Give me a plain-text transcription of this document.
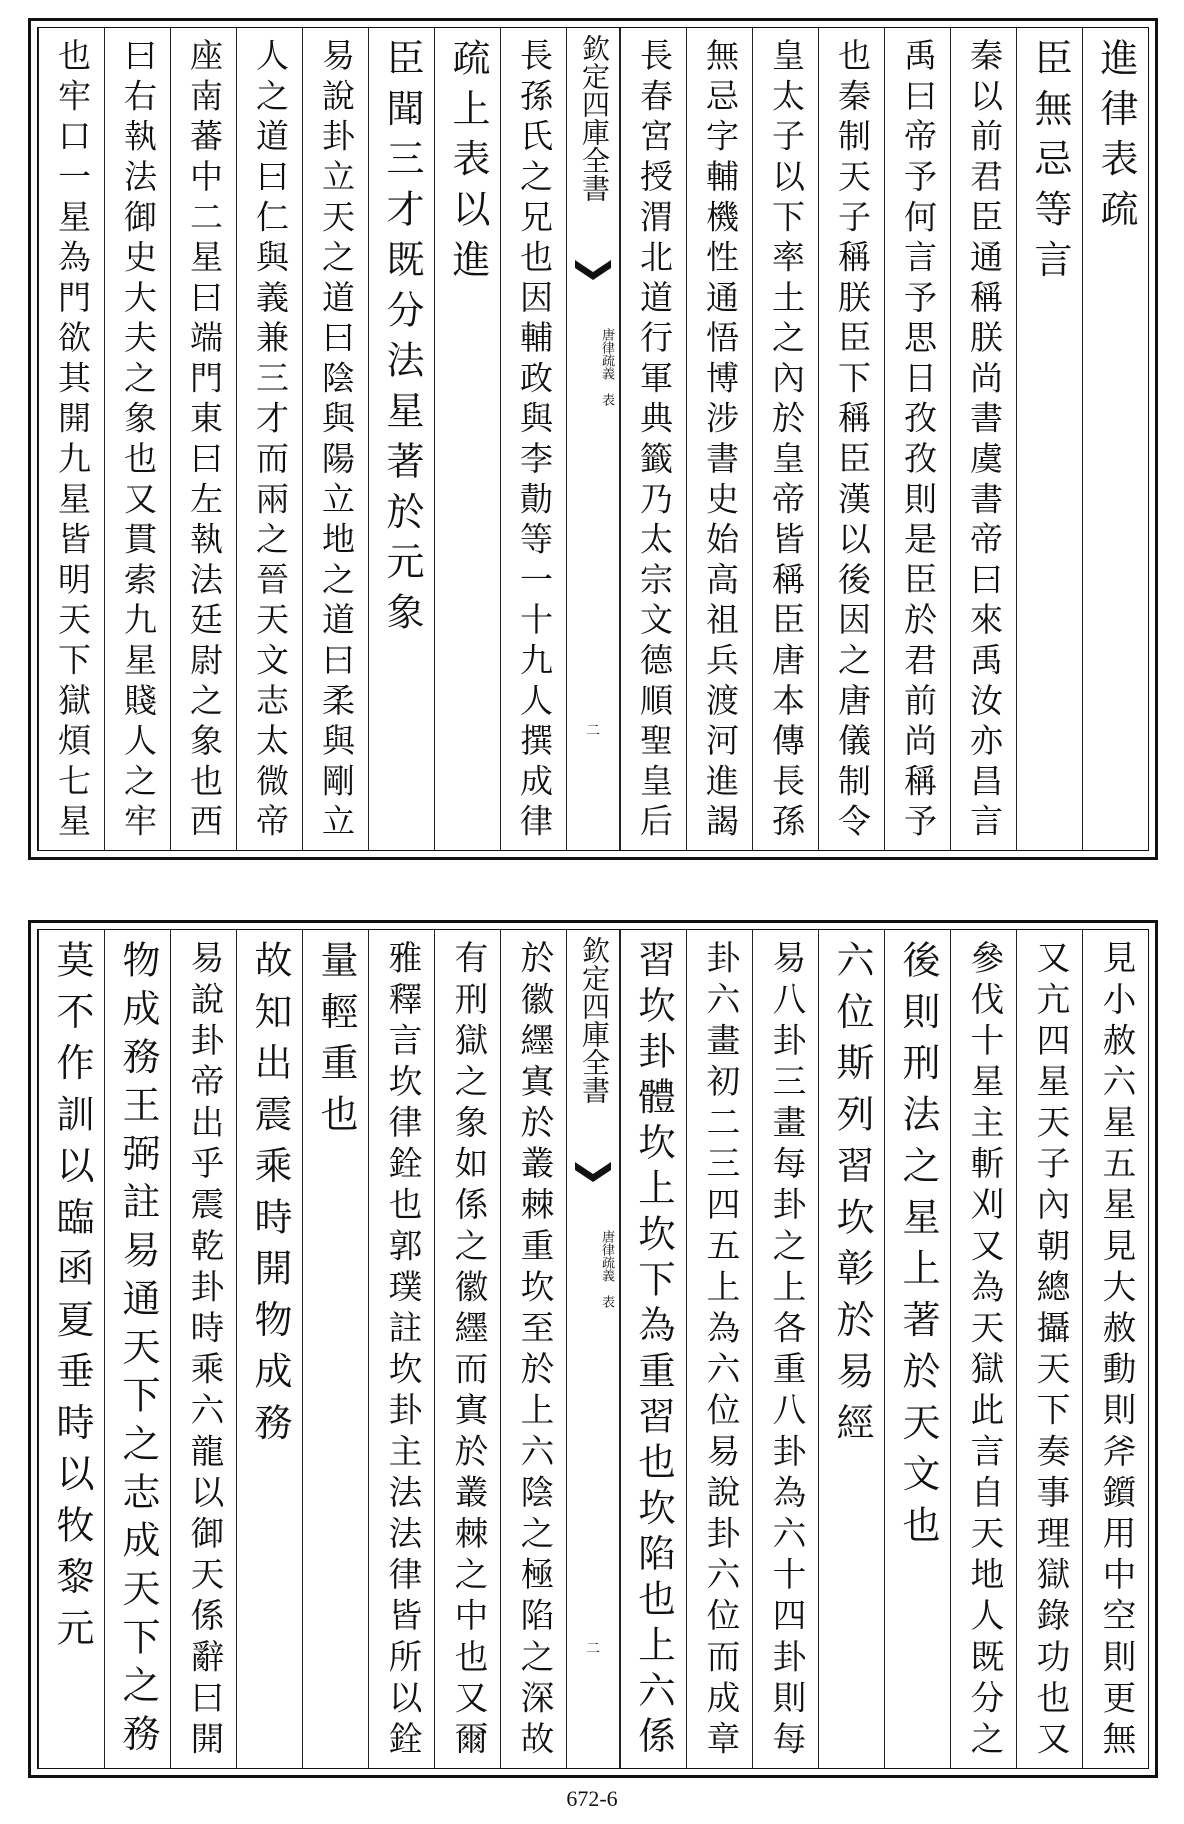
進律表疏
臣無忌等言
秦以前君臣通稱朕尚書虞書帝曰來禹汝亦昌言
禹曰帝予何言予思日孜孜則是臣於君前尚稱予
也秦制天子稱朕臣下稱臣漢以後因之唐儀制令
皇太子以下率土之內於皇帝皆稱臣唐本傳長孫
無忌字輔機性通悟博涉書史始高祖兵渡河進謁
長春宮授渭北道行軍典籤乃太宗文德順聖皇后
欽定四庫全書
唐律疏義　表
二
長孫氏之兄也因輔政與李勣等一十九人撰成律
疏上表以進
臣聞三才既分法星著於元象
易說卦立天之道曰陰與陽立地之道曰柔與剛立
人之道曰仁與義兼三才而兩之晉天文志太微帝
座南蕃中二星曰端門東曰左執法廷尉之象也西
曰右執法御史大夫之象也又貫索九星賤人之牢
也牢口一星為門欲其開九星皆明天下獄煩七星
見小赦六星五星見大赦動則斧鑕用中空則更無
又亢四星天子內朝總攝天下奏事理獄錄功也又
參伐十星主斬刈又為天獄此言自天地人既分之
後則刑法之星上著於天文也
六位斯列習坎彰於易經
易八卦三畫每卦之上各重八卦為六十四卦則每
卦六畫初二三四五上為六位易說卦六位而成章
習坎卦體坎上坎下為重習也坎陷也上六係
欽定四庫全書
唐律疏義　表
二
於徽纆寘於叢棘重坎至於上六陰之極陷之深故
有刑獄之象如係之徽纆而寘於叢棘之中也又爾
雅釋言坎律銓也郭璞註坎卦主法法律皆所以銓
量輕重也
故知出震乘時開物成務
易說卦帝出乎震乾卦時乘六龍以御天係辭曰開
物成務王弼註易通天下之志成天下之務
莫不作訓以臨函夏垂時以牧黎元
672-6
